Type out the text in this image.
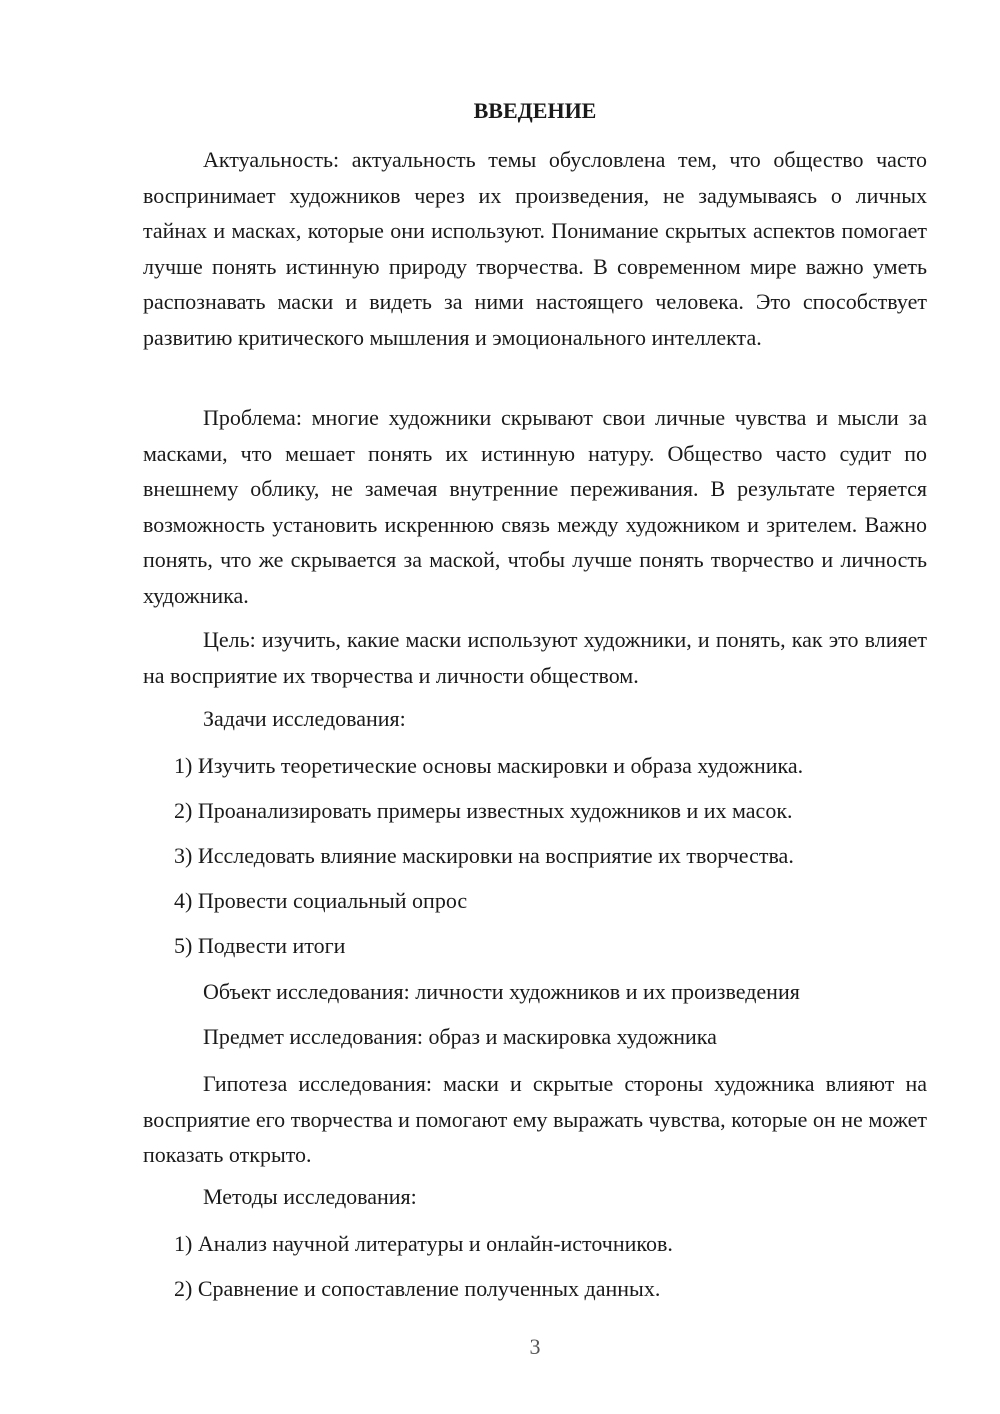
ВВЕДЕНИЕ

Актуальность: актуальность темы обусловлена тем, что общество часто воспринимает художников через их произведения, не задумываясь о личных тайнах и масках, которые они используют. Понимание скрытых аспектов помогает лучше понять истинную природу творчества. В современном мире важно уметь распознавать маски и видеть за ними настоящего человека. Это способствует развитию критического мышления и эмоционального интеллекта.

Проблема: многие художники скрывают свои личные чувства и мысли за масками, что мешает понять их истинную натуру. Общество часто судит по внешнему облику, не замечая внутренние переживания. В результате теряется возможность установить искреннюю связь между художником и зрителем. Важно понять, что же скрывается за маской, чтобы лучше понять творчество и личность художника.

Цель: изучить, какие маски используют художники, и понять, как это влияет на восприятие их творчества и личности обществом.

Задачи исследования:
1) Изучить теоретические основы маскировки и образа художника.
2) Проанализировать примеры известных художников и их масок.
3) Исследовать влияние маскировки на восприятие их творчества.
4) Провести социальный опрос
5) Подвести итоги
Объект исследования: личности художников и их произведения
Предмет исследования: образ и маскировка художника

Гипотеза исследования: маски и скрытые стороны художника влияют на восприятие его творчества и помогают ему выражать чувства, которые он не может показать открыто.

Методы исследования:
1) Анализ научной литературы и онлайн-источников.
2) Сравнение и сопоставление полученных данных.
3
